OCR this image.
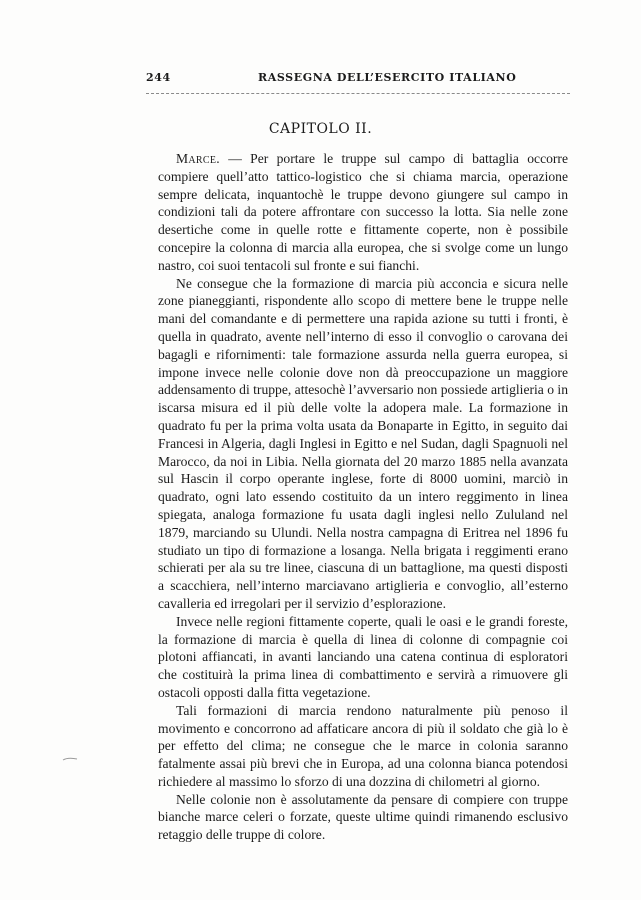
244	RASSEGNA DELL’ESERCITO ITALIANO
CAPITOLO II.

Marce. — Per portare le truppe sul campo di battaglia occorre compiere quell’atto tattico-logistico che si chiama marcia, operazione sempre delicata, inquantochè le truppe devono giungere sul campo in condizioni tali da potere affrontare con successo la lotta. Sia nelle zone desertiche come in quelle rotte e fittamente coperte, non è possibile concepire la colonna di marcia alla europea, che si svolge come un lungo nastro, coi suoi tentacoli sul fronte e sui fianchi.

Ne consegue che la formazione di marcia più acconcia e sicura nelle zone pianeggianti, rispondente allo scopo di mettere bene le truppe nelle mani del comandante e di permettere una rapida azione su tutti i fronti, è quella in quadrato, avente nell’interno di esso il convoglio o carovana dei bagagli e rifornimenti: tale formazione assurda nella guerra europea, si impone invece nelle colonie dove non dà preoccupazione un maggiore addensamento di truppe, attesochè l’avversario non possiede artiglieria o in iscarsa misura ed il più delle volte la adopera male. La formazione in quadrato fu per la prima volta usata da Bonaparte in Egitto, in seguito dai Francesi in Algeria, dagli Inglesi in Egitto e nel Sudan, dagli Spagnuoli nel Marocco, da noi in Libia. Nella giornata del 20 marzo 1885 nella avanzata sul Hascin il corpo operante inglese, forte di 8000 uomini, marciò in quadrato, ogni lato essendo costituito da un intero reggimento in linea spiegata, analoga formazione fu usata dagli inglesi nello Zululand nel 1879, marciando su Ulundi. Nella nostra campagna di Eritrea nel 1896 fu studiato un tipo di formazione a losanga. Nella brigata i reggimenti erano schierati per ala su tre linee, ciascuna di un battaglione, ma questi disposti a scacchiera, nell’interno marciavano artiglieria e convoglio, all’esterno cavalleria ed irregolari per il servizio d’esplorazione.

Invece nelle regioni fittamente coperte, quali le oasi e le grandi foreste, la formazione di marcia è quella di linea di colonne di compagnie coi plotoni affiancati, in avanti lanciando una catena continua di esploratori che costituirà la prima linea di combattimento e servirà a rimuovere gli ostacoli opposti dalla fitta vegetazione.

Tali formazioni di marcia rendono naturalmente più penoso il movimento e concorrono ad affaticare ancora di più il soldato che già lo è per effetto del clima; ne consegue che le marce in colonia saranno fatalmente assai più brevi che in Europa, ad una colonna bianca potendosi richiedere al massimo lo sforzo di una dozzina di chilometri al giorno.

Nelle colonie non è assolutamente da pensare di compiere con truppe bianche marce celeri o forzate, queste ultime quindi rimanendo esclusivo retaggio delle truppe di colore.
